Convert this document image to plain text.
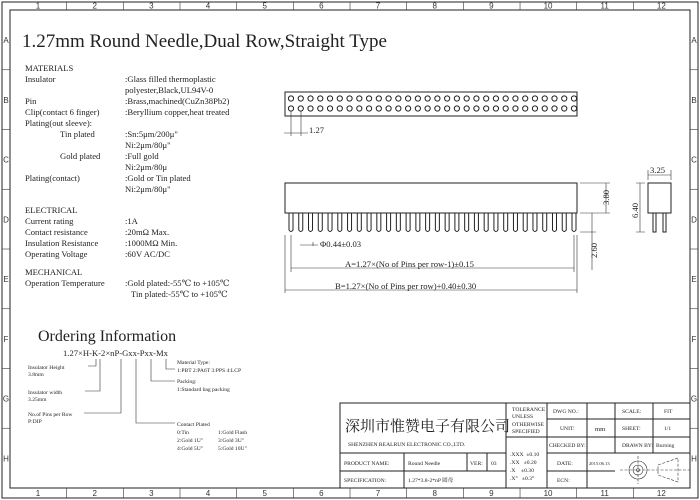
1
1
2
2
3
3
4
4
5
5
6
6
7
7
8
8
9
9
10
10
11
11
12
12
A	A
B	B
C	C
D	D
E	E
F	F
G	G
H	H
1.27mm Round Needle,Dual Row,Straight Type
MATERIALS
Insulator	:Glass filled thermoplastic
polyester,Black,UL94V-0
Pin	:Brass,machined(CuZn38Pb2)
Clip(contact 6 finger)	:Beryllium copper,heat treated
Plating(out sleeve):
Tin plated	:Sn:5μm/200μ"
Ni:2μm/80μ"
Gold plated	:Full gold
Ni:2μm/80μ
Plating(contact)	:Gold or Tin plated
Ni:2μm/80μ"
ELECTRICAL
Current rating	:1A
Contact resistance	:20mΩ Max.
Insulation Resistance	:1000MΩ Min.
Operating Voltage	:60V AC/DC
MECHANICAL
Operation Temperature :Gold plated:-55℃ to +105℃
Tin plated:-55℃ to +105℃
Ordering Information
1.27×H-K-2×nP-Gxx-Pxx-Mx
Insulator Height
3.8mm
Insulator width
3.25mm
No.of Pins per Row
P:DIP
Material Type:
1:PBT 2:PA6T 3:PPS 4:LCP
Packing:
1:Standard bag packing
Contact Plated
0:Tin	1:Gold Flash
2:Gold 1U"	3:Gold 3U"
4:Gold 5U"	5:Gold 10U"
1.27
3.80
2.60
Φ0.44±0.03
A=1.27×(No of Pins per row-1)±0.15
B=1.27×(No of Pins per row)+0.40±0.30
3.25
6.40
深圳市惟赞电子有限公司
SHENZHEN REALRUN ELECTRONIC CO.,LTD.
TOLERANCE
UNLESS
OTHERWISE
SPECIFIED
.XXX  ±0.10
.XX   ±0.20
.X    ±0.30
.X°   ±0.3°
PRODUCT NAME:	Round Needle	VER: 03
SPECIFICATION:	1.27*3.8-2*nP 圆母
DWG NO.:	SCALE:	FIT
UNIT:	mm	SHEET:	1/1
CHECKED BY:	DRAWN BY: Burning
DATE:	2015.06.13
ECN:
